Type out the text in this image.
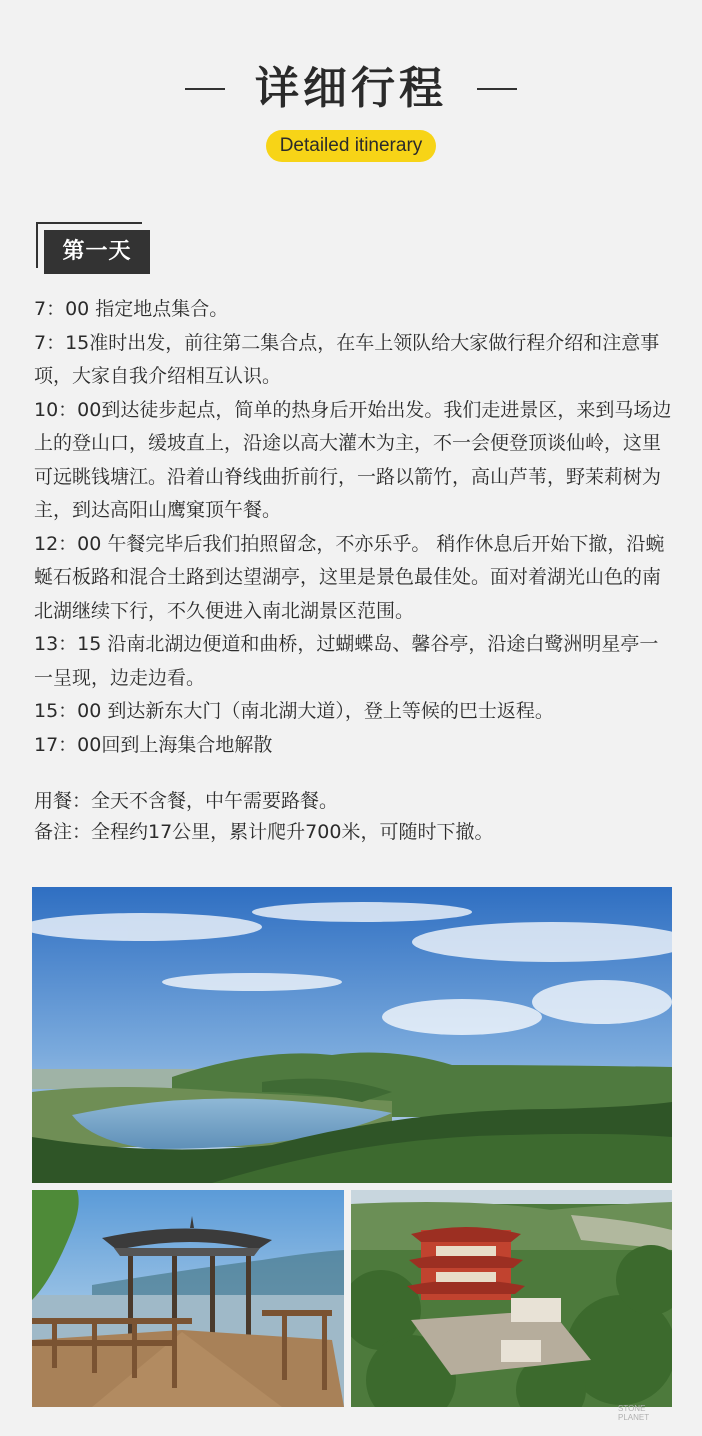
详细行程
Detailed itinerary
第一天

7：00 指定地点集合。

7：15准时出发，前往第二集合点，在车上领队给大家做行程介绍和注意事项，大家自我介绍相互认识。

10：00到达徒步起点，简单的热身后开始出发。我们走进景区，来到马场边上的登山口，缓坡直上，沿途以高大灌木为主，不一会便登顶谈仙岭，这里可远眺钱塘江。沿着山脊线曲折前行，一路以箭竹，高山芦苇，野茉莉树为主，到达高阳山鹰窠顶午餐。

12：00 午餐完毕后我们拍照留念，不亦乐乎。 稍作休息后开始下撤，沿蜿蜒石板路和混合土路到达望湖亭，这里是景色最佳处。面对着湖光山色的南北湖继续下行，不久便进入南北湖景区范围。

13：15 沿南北湖边便道和曲桥，过蝴蝶岛、馨谷亭，沿途白鹭洲明星亭一一呈现，边走边看。

15：00 到达新东大门（南北湖大道），登上等候的巴士返程。

17：00回到上海集合地解散

用餐：全天不含餐，中午需要路餐。

备注：全程约17公里，累计爬升700米，可随时下撤。

STONE
PLANET
